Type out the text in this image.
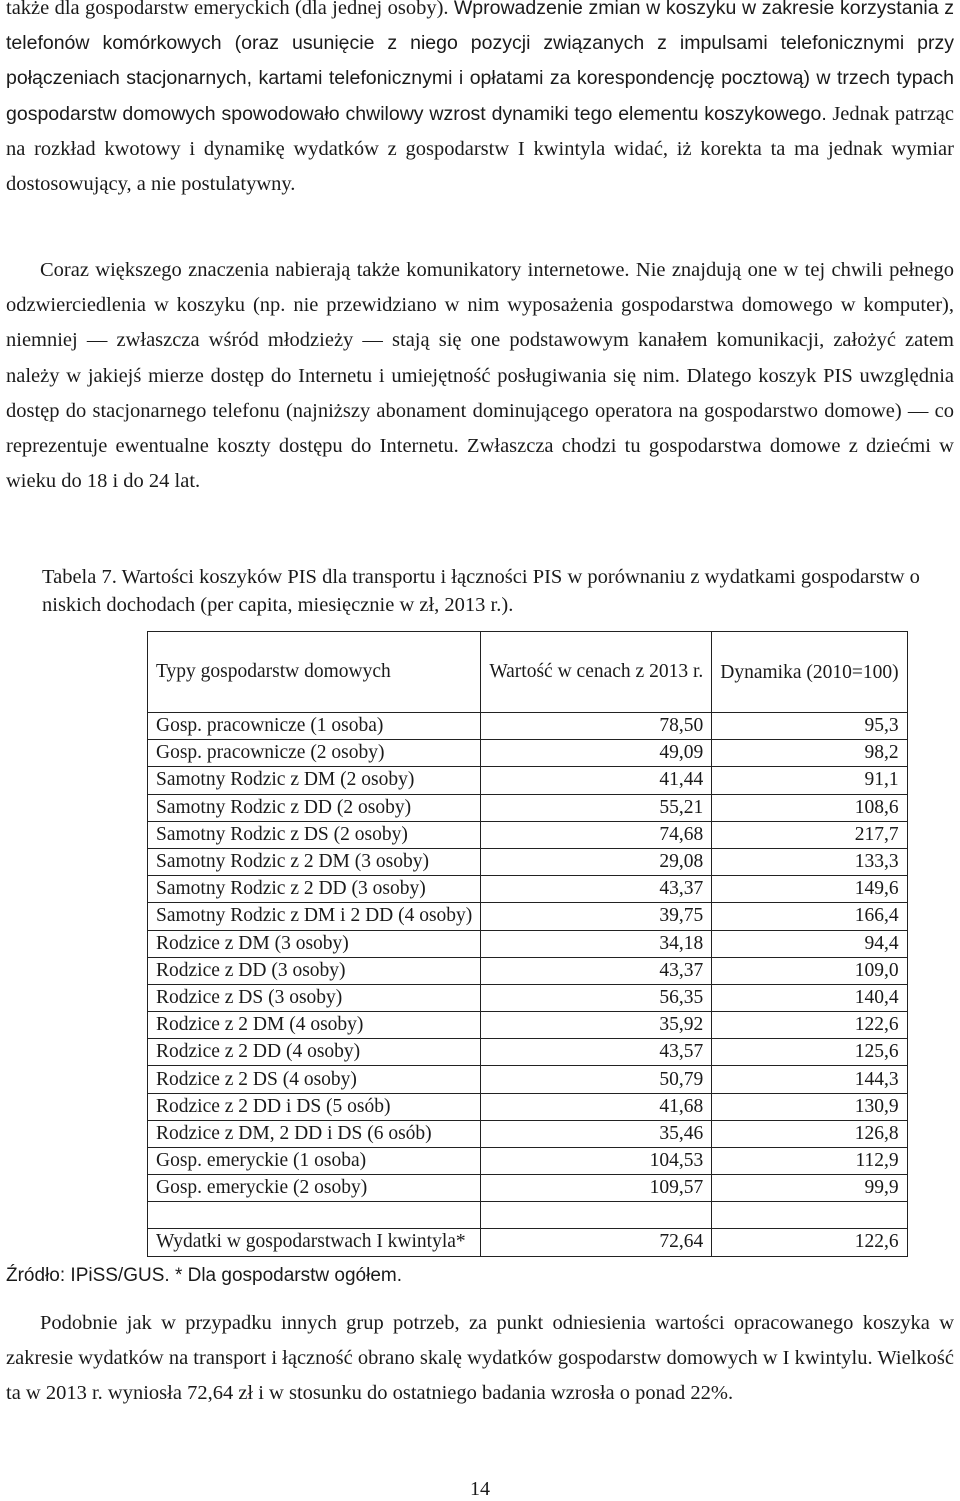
także dla gospodarstw emeryckich (dla jednej osoby). Wprowadzenie zmian w koszyku w zakresie korzystania z telefonów komórkowych (oraz usunięcie z niego pozycji związanych z impulsami telefonicznymi przy połączeniach stacjonarnych, kartami telefonicznymi i opłatami za korespondencję pocztową) w trzech typach gospodarstw domowych spowodowało chwilowy wzrost dynamiki tego elementu koszykowego. Jednak patrząc na rozkład kwotowy i dynamikę wydatków z gospodarstw I kwintyla widać, iż korekta ta ma jednak wymiar dostosowujący, a nie postulatywny.

Coraz większego znaczenia nabierają także komunikatory internetowe. Nie znajdują one w tej chwili pełnego odzwierciedlenia w koszyku (np. nie przewidziano w nim wyposażenia gospodarstwa domowego w komputer), niemniej — zwłaszcza wśród młodzieży — stają się one podstawowym kanałem komunikacji, założyć zatem należy w jakiejś mierze dostęp do Internetu i umiejętność posługiwania się nim. Dlatego koszyk PIS uwzględnia dostęp do stacjonarnego telefonu (najniższy abonament dominującego operatora na gospodarstwo domowe) — co reprezentuje ewentualne koszty dostępu do Internetu. Zwłaszcza chodzi tu gospodarstwa domowe z dziećmi w wieku do 18 i do 24 lat.

Tabela 7. Wartości koszyków PIS dla transportu i łączności PIS w porównaniu z wydatkami gospodarstw o niskich dochodach (per capita, miesięcznie w zł, 2013 r.).

Typy gospodarstw domowych	Wartość w cenach z 2013 r.	Dynamika (2010=100)
Gosp. pracownicze (1 osoba)	78,50	95,3
Gosp. pracownicze (2 osoby)	49,09	98,2
Samotny Rodzic z DM (2 osoby)	41,44	91,1
Samotny Rodzic z DD (2 osoby)	55,21	108,6
Samotny Rodzic z DS (2 osoby)	74,68	217,7
Samotny Rodzic z 2 DM (3 osoby)	29,08	133,3
Samotny Rodzic z 2 DD (3 osoby)	43,37	149,6
Samotny Rodzic z DM i 2 DD (4 osoby)	39,75	166,4
Rodzice z DM (3 osoby)	34,18	94,4
Rodzice z DD (3 osoby)	43,37	109,0
Rodzice z DS (3 osoby)	56,35	140,4
Rodzice z 2 DM (4 osoby)	35,92	122,6
Rodzice z 2 DD (4 osoby)	43,57	125,6
Rodzice z 2 DS (4 osoby)	50,79	144,3
Rodzice z 2 DD i DS (5 osób)	41,68	130,9
Rodzice z DM, 2 DD i DS (6 osób)	35,46	126,8
Gosp. emeryckie (1 osoba)	104,53	112,9
Gosp. emeryckie (2 osoby)	109,57	99,9

Wydatki w gospodarstwach I kwintyla*	72,64	122,6

Źródło: IPiSS/GUS. * Dla gospodarstw ogółem.

Podobnie jak w przypadku innych grup potrzeb, za punkt odniesienia wartości opracowanego koszyka w zakresie wydatków na transport i łączność obrano skalę wydatków gospodarstw domowych w I kwintylu. Wielkość ta w 2013 r. wyniosła 72,64 zł i w stosunku do ostatniego badania wzrosła o ponad 22%.

14
